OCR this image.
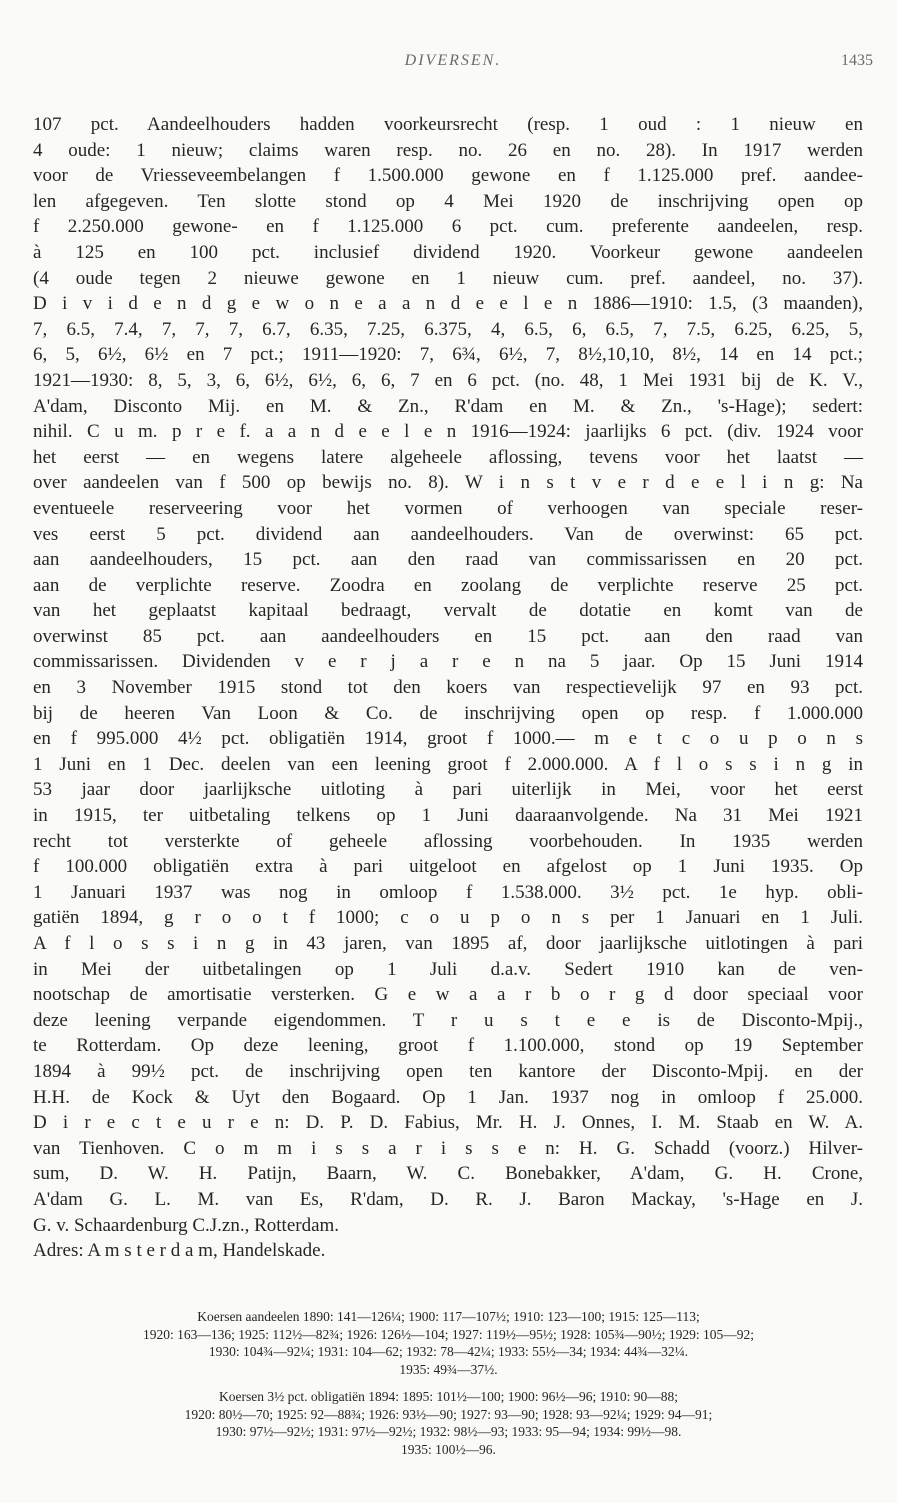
DIVERSEN.	1435
107 pct. Aandeelhouders hadden voorkeursrecht (resp. 1 oud : 1 nieuw en
4 oude: 1 nieuw; claims waren resp. no. 26 en no. 28). In 1917 werden
voor de Vriesseveembelangen f 1.500.000 gewone en f 1.125.000 pref. aandee-
len afgegeven. Ten slotte stond op 4 Mei 1920 de inschrijving open op
f 2.250.000 gewone- en f 1.125.000 6 pct. cum. preferente aandeelen, resp.
à 125 en 100 pct. inclusief dividend 1920. Voorkeur gewone aandeelen
(4 oude tegen 2 nieuwe gewone en 1 nieuw cum. pref. aandeel, no. 37).
D i v i d e n d g e w o n e a a n d e e l e n 1886—1910: 1.5, (3 maanden),
7, 6.5, 7.4, 7, 7, 7, 6.7, 6.35, 7.25, 6.375, 4, 6.5, 6, 6.5, 7, 7.5, 6.25, 6.25, 5,
6, 5, 6½, 6½ en 7 pct.; 1911—1920: 7, 6¾, 6½, 7, 8½,10,10, 8½, 14 en 14 pct.;
1921—1930: 8, 5, 3, 6, 6½, 6½, 6, 6, 7 en 6 pct. (no. 48, 1 Mei 1931 bij de K. V.,
A'dam, Disconto Mij. en M. & Zn., R'dam en M. & Zn., 's-Hage); sedert:
nihil. C u m. p r e f. a a n d e e l e n 1916—1924: jaarlijks 6 pct. (div. 1924 voor
het eerst — en wegens latere algeheele aflossing, tevens voor het laatst —
over aandeelen van f 500 op bewijs no. 8). W i n s t v e r d e e l i n g: Na
eventueele reserveering voor het vormen of verhoogen van speciale reser-
ves eerst 5 pct. dividend aan aandeelhouders. Van de overwinst: 65 pct.
aan aandeelhouders, 15 pct. aan den raad van commissarissen en 20 pct.
aan de verplichte reserve. Zoodra en zoolang de verplichte reserve 25 pct.
van het geplaatst kapitaal bedraagt, vervalt de dotatie en komt van de
overwinst 85 pct. aan aandeelhouders en 15 pct. aan den raad van
commissarissen. Dividenden v e r j a r e n na 5 jaar. Op 15 Juni 1914
en 3 November 1915 stond tot den koers van respectievelijk 97 en 93 pct.
bij de heeren Van Loon & Co. de inschrijving open op resp. f 1.000.000
en f 995.000 4½ pct. obligatiën 1914, groot f 1000.— m e t c o u p o n s
1 Juni en 1 Dec. deelen van een leening groot f 2.000.000. A f l o s s i n g in
53 jaar door jaarlijksche uitloting à pari uiterlijk in Mei, voor het eerst
in 1915, ter uitbetaling telkens op 1 Juni daaraanvolgende. Na 31 Mei 1921
recht tot versterkte of geheele aflossing voorbehouden. In 1935 werden
f 100.000 obligatiën extra à pari uitgeloot en afgelost op 1 Juni 1935. Op
1 Januari 1937 was nog in omloop f 1.538.000. 3½ pct. 1e hyp. obli-
gatiën 1894, g r o o t f 1000; c o u p o n s per 1 Januari en 1 Juli.
A f l o s s i n g in 43 jaren, van 1895 af, door jaarlijksche uitlotingen à pari
in Mei der uitbetalingen op 1 Juli d.a.v. Sedert 1910 kan de ven-
nootschap de amortisatie versterken. G e w a a r b o r g d door speciaal voor
deze leening verpande eigendommen. T r u s t e e is de Disconto-Mpij.,
te Rotterdam. Op deze leening, groot f 1.100.000, stond op 19 September
1894 à 99½ pct. de inschrijving open ten kantore der Disconto-Mpij. en der
H.H. de Kock & Uyt den Bogaard. Op 1 Jan. 1937 nog in omloop f 25.000.
D i r e c t e u r e n: D. P. D. Fabius, Mr. H. J. Onnes, I. M. Staab en W. A.
van Tienhoven. C o m m i s s a r i s s e n: H. G. Schadd (voorz.) Hilver-
sum, D. W. H. Patijn, Baarn, W. C. Bonebakker, A'dam, G. H. Crone,
A'dam G. L. M. van Es, R'dam, D. R. J. Baron Mackay, 's-Hage en J.
G. v. Schaardenburg C.J.zn., Rotterdam.
Adres: A m s t e r d a m, Handelskade.
Koersen aandeelen 1890: 141—126¼; 1900: 117—107½; 1910: 123—100; 1915: 125—113;
1920: 163—136; 1925: 112½—82¾; 1926: 126½—104; 1927: 119½—95½; 1928: 105¾—90½; 1929: 105—92;
1930: 104¾—92¼; 1931: 104—62; 1932: 78—42¼; 1933: 55½—34; 1934: 44¾—32¼.
1935: 49¾—37½.
Koersen 3½ pct. obligatiën 1894: 1895: 101½—100; 1900: 96½—96; 1910: 90—88;
1920: 80½—70; 1925: 92—88¾; 1926: 93½—90; 1927: 93—90; 1928: 93—92¼; 1929: 94—91;
1930: 97½—92½; 1931: 97½—92½; 1932: 98½—93; 1933: 95—94; 1934: 99½—98.
1935: 100½—96.
